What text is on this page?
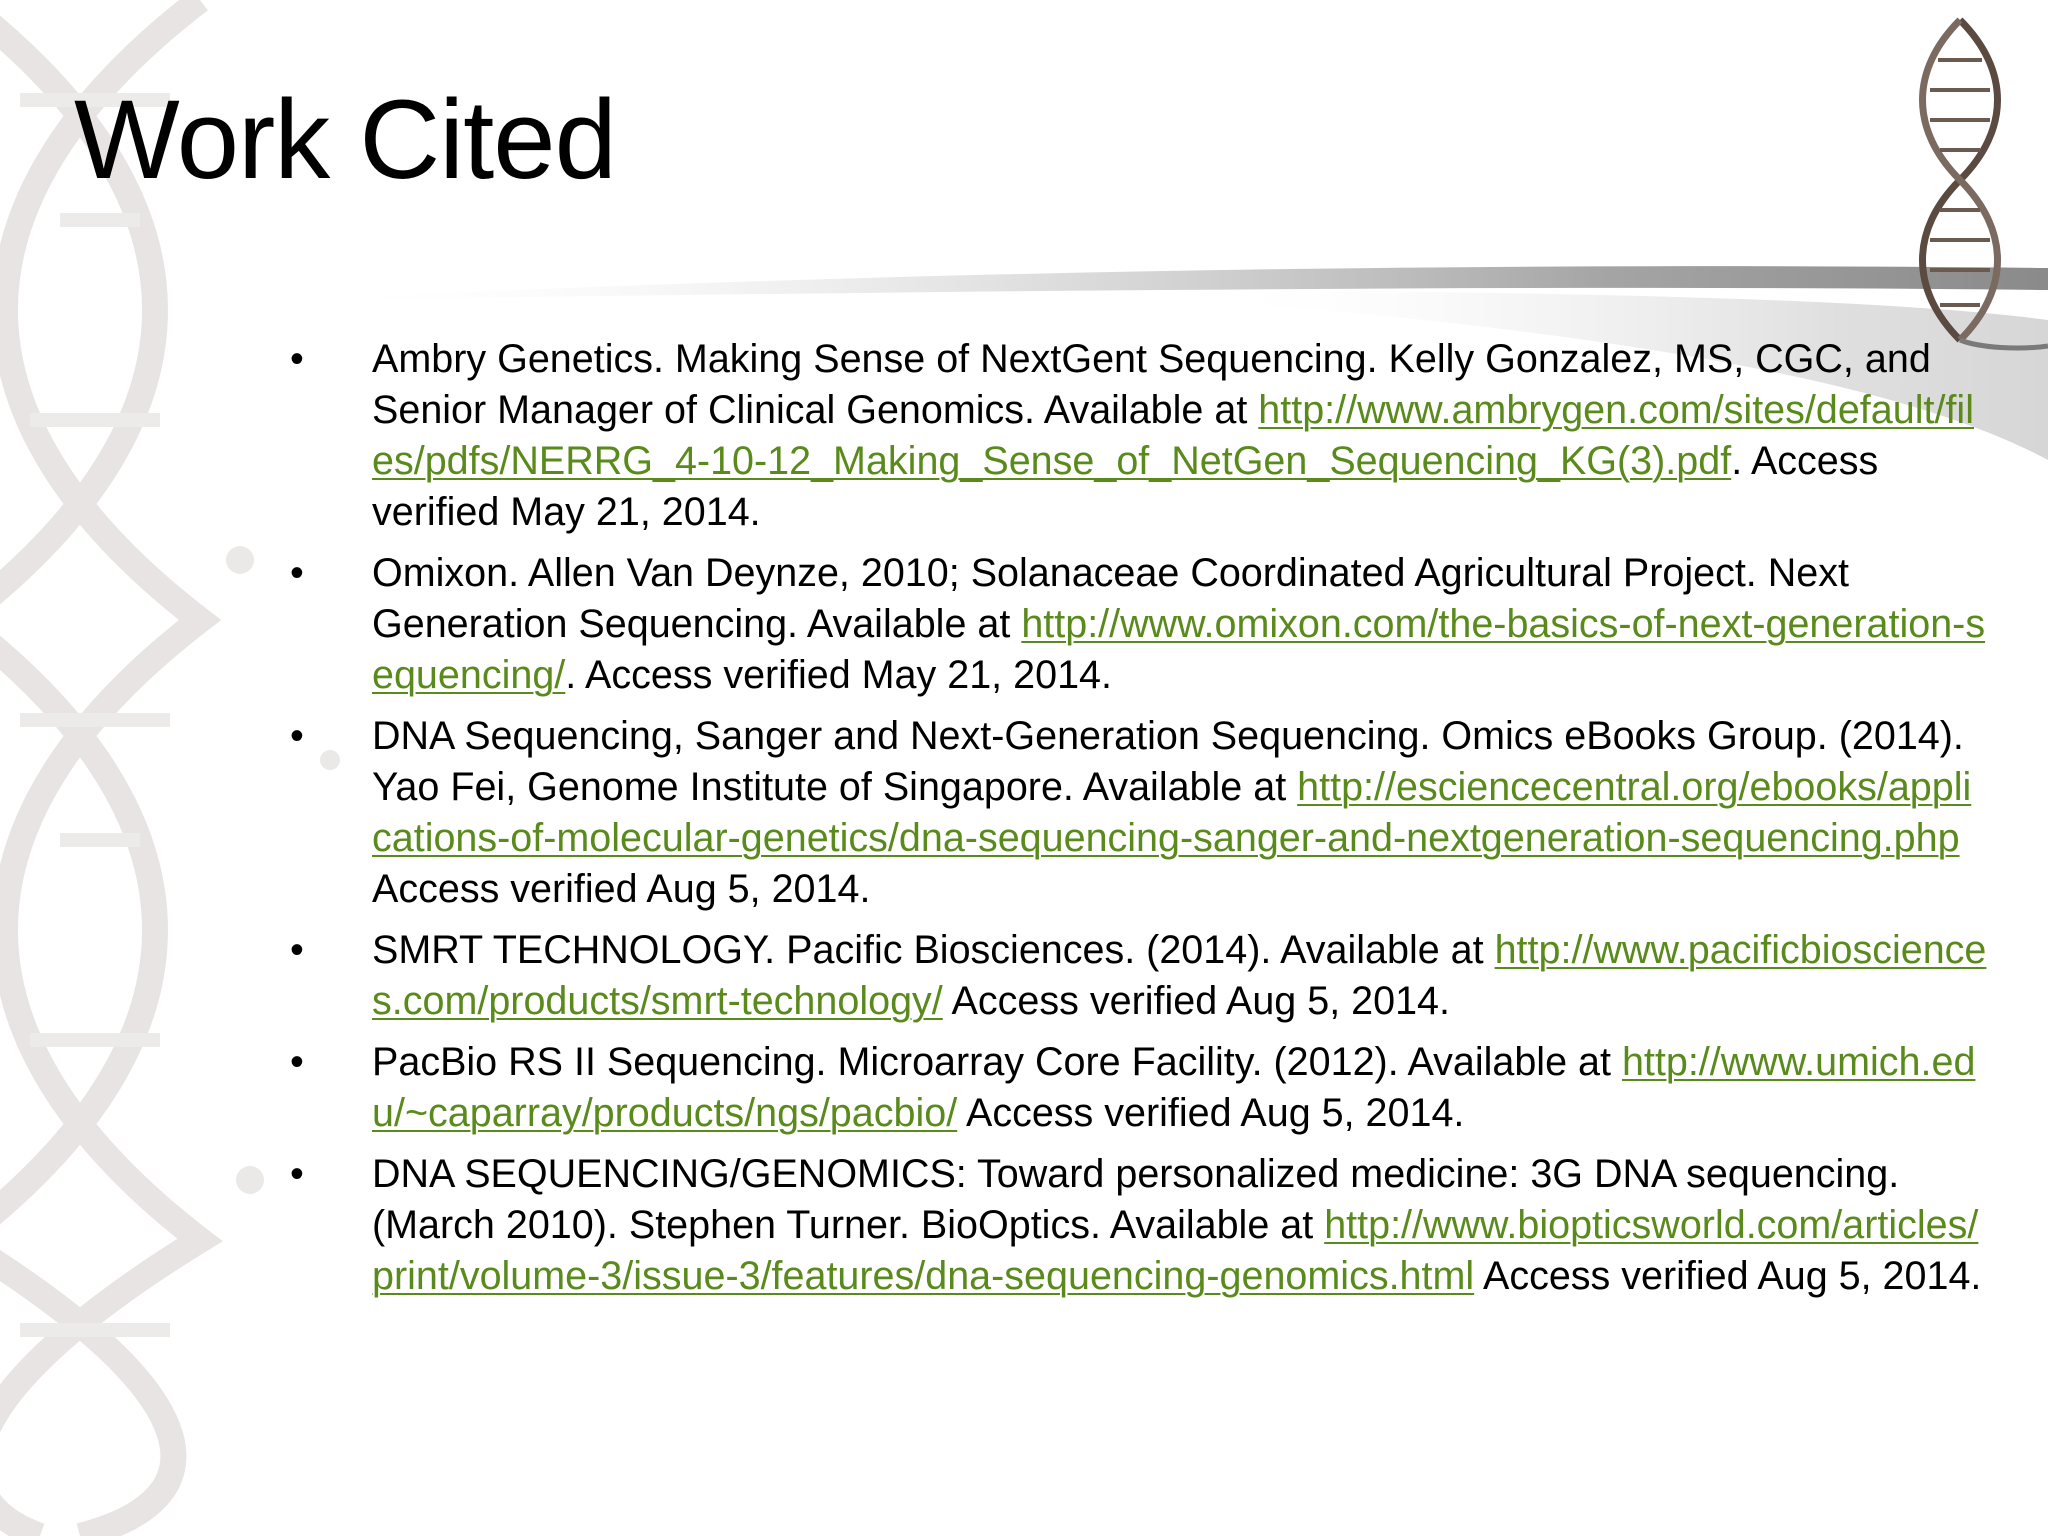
Work Cited
•	Ambry Genetics. Making Sense of NextGent Sequencing. Kelly Gonzalez, MS, CGC, and Senior Manager of Clinical Genomics. Available at http://www.ambrygen.com/sites/default/files/pdfs/NERRG_4-10-12_Making_Sense_of_NetGen_Sequencing_KG(3).pdf. Access verified May 21, 2014.
•	Omixon. Allen Van Deynze, 2010; Solanaceae Coordinated Agricultural Project. Next Generation Sequencing. Available at http://www.omixon.com/the-basics-of-next-generation-sequencing/. Access verified May 21, 2014.
•	DNA Sequencing, Sanger and Next-Generation Sequencing. Omics eBooks Group. (2014). Yao Fei, Genome Institute of Singapore. Available at http://esciencecentral.org/ebooks/applications-of-molecular-genetics/dna-sequencing-sanger-and-nextgeneration-sequencing.php Access verified Aug 5, 2014.
•	SMRT TECHNOLOGY. Pacific Biosciences. (2014). Available at http://www.pacificbiosciences.com/products/smrt-technology/ Access verified Aug 5, 2014.
•	PacBio RS II Sequencing. Microarray Core Facility. (2012). Available at http://www.umich.edu/~caparray/products/ngs/pacbio/ Access verified Aug 5, 2014.
•	DNA SEQUENCING/GENOMICS: Toward personalized medicine: 3G DNA sequencing. (March 2010). Stephen Turner. BioOptics. Available at http://www.biopticsworld.com/articles/print/volume-3/issue-3/features/dna-sequencing-genomics.html Access verified Aug 5, 2014.
